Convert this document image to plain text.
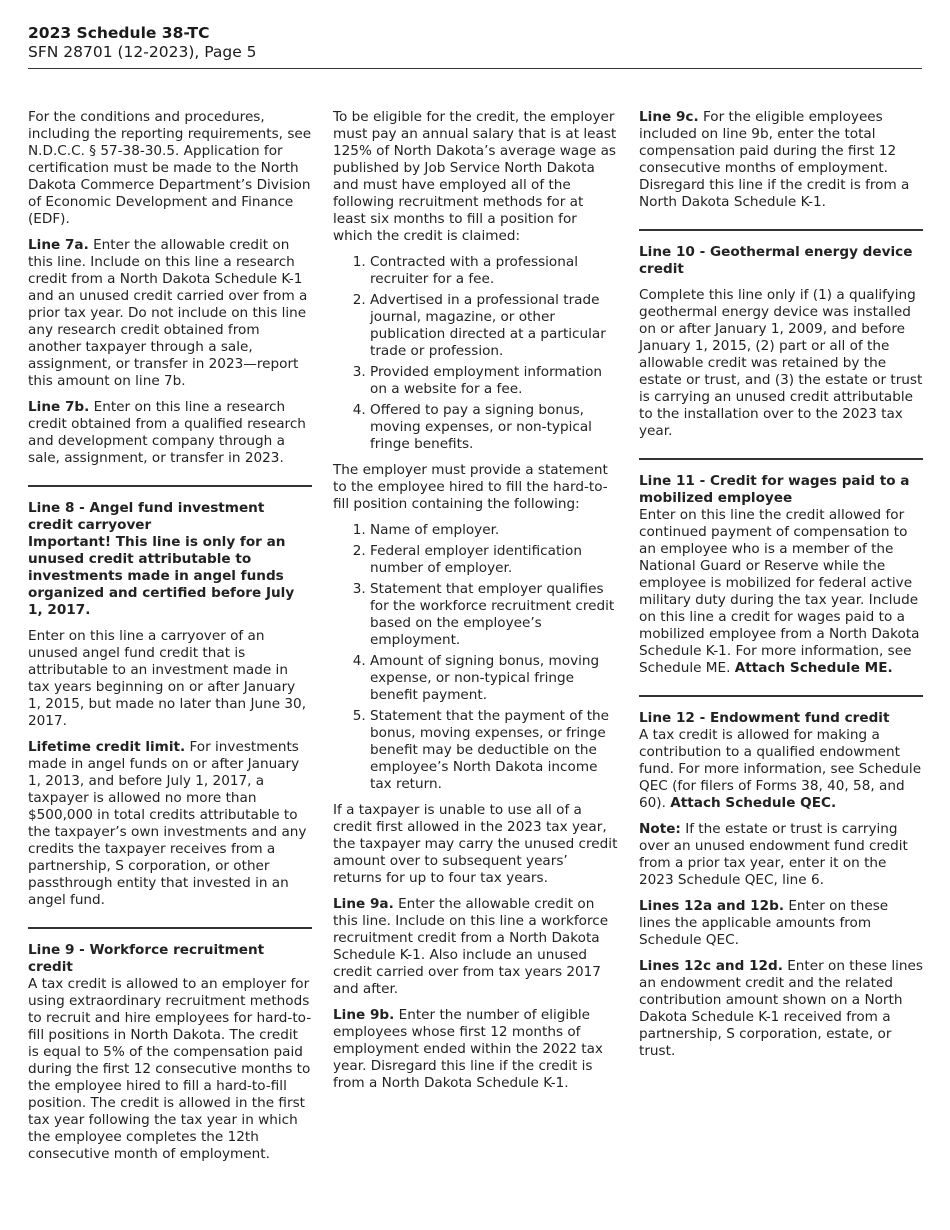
2023 Schedule 38-TC

SFN 28701 (12-2023), Page 5

For the conditions and procedures, including the reporting requirements, see N.D.C.C. § 57-38-30.5. Application for certification must be made to the North Dakota Commerce Department’s Division of Economic Development and Finance (EDF).

Line 7a. Enter the allowable credit on this line. Include on this line a research credit from a North Dakota Schedule K-1 and an unused credit carried over from a prior tax year. Do not include on this line any research credit obtained from another taxpayer through a sale, assignment, or transfer in 2023—report this amount on line 7b.

Line 7b. Enter on this line a research credit obtained from a qualified research and development company through a sale, assignment, or transfer in 2023.

Line 8 - Angel fund investment credit carryover

Important! This line is only for an unused credit attributable to investments made in angel funds organized and certified before July 1, 2017.

Enter on this line a carryover of an unused angel fund credit that is attributable to an investment made in tax years beginning on or after January 1, 2015, but made no later than June 30, 2017.

Lifetime credit limit. For investments made in angel funds on or after January 1, 2013, and before July 1, 2017, a taxpayer is allowed no more than $500,000 in total credits attributable to the taxpayer’s own investments and any credits the taxpayer receives from a partnership, S corporation, or other passthrough entity that invested in an angel fund.

Line 9 - Workforce recruitment credit

A tax credit is allowed to an employer for using extraordinary recruitment methods to recruit and hire employees for hard-to-fill positions in North Dakota. The credit is equal to 5% of the compensation paid during the first 12 consecutive months to the employee hired to fill a hard-to-fill position. The credit is allowed in the first tax year following the tax year in which the employee completes the 12th consecutive month of employment.

To be eligible for the credit, the employer must pay an annual salary that is at least 125% of North Dakota’s average wage as published by Job Service North Dakota and must have employed all of the following recruitment methods for at least six months to fill a position for which the credit is claimed:

1. Contracted with a professional recruiter for a fee.
2. Advertised in a professional trade journal, magazine, or other publication directed at a particular trade or profession.
3. Provided employment information on a website for a fee.
4. Offered to pay a signing bonus, moving expenses, or non-typical fringe benefits.

The employer must provide a statement to the employee hired to fill the hard-to-fill position containing the following:

1. Name of employer.
2. Federal employer identification number of employer.
3. Statement that employer qualifies for the workforce recruitment credit based on the employee’s employment.
4. Amount of signing bonus, moving expense, or non-typical fringe benefit payment.
5. Statement that the payment of the bonus, moving expenses, or fringe benefit may be deductible on the employee’s North Dakota income tax return.

If a taxpayer is unable to use all of a credit first allowed in the 2023 tax year, the taxpayer may carry the unused credit amount over to subsequent years’ returns for up to four tax years.

Line 9a. Enter the allowable credit on this line. Include on this line a workforce recruitment credit from a North Dakota Schedule K-1. Also include an unused credit carried over from tax years 2017 and after.

Line 9b. Enter the number of eligible employees whose first 12 months of employment ended within the 2022 tax year. Disregard this line if the credit is from a North Dakota Schedule K-1.

Line 9c. For the eligible employees included on line 9b, enter the total compensation paid during the first 12 consecutive months of employment. Disregard this line if the credit is from a North Dakota Schedule K-1.

Line 10 - Geothermal energy device credit

Complete this line only if (1) a qualifying geothermal energy device was installed on or after January 1, 2009, and before January 1, 2015, (2) part or all of the allowable credit was retained by the estate or trust, and (3) the estate or trust is carrying an unused credit attributable to the installation over to the 2023 tax year.

Line 11 - Credit for wages paid to a mobilized employee

Enter on this line the credit allowed for continued payment of compensation to an employee who is a member of the National Guard or Reserve while the employee is mobilized for federal active military duty during the tax year. Include on this line a credit for wages paid to a mobilized employee from a North Dakota Schedule K-1. For more information, see Schedule ME. Attach Schedule ME.

Line 12 - Endowment fund credit

A tax credit is allowed for making a contribution to a qualified endowment fund. For more information, see Schedule QEC (for filers of Forms 38, 40, 58, and 60). Attach Schedule QEC.

Note: If the estate or trust is carrying over an unused endowment fund credit from a prior tax year, enter it on the 2023 Schedule QEC, line 6.

Lines 12a and 12b. Enter on these lines the applicable amounts from Schedule QEC.

Lines 12c and 12d. Enter on these lines an endowment credit and the related contribution amount shown on a North Dakota Schedule K-1 received from a partnership, S corporation, estate, or trust.
